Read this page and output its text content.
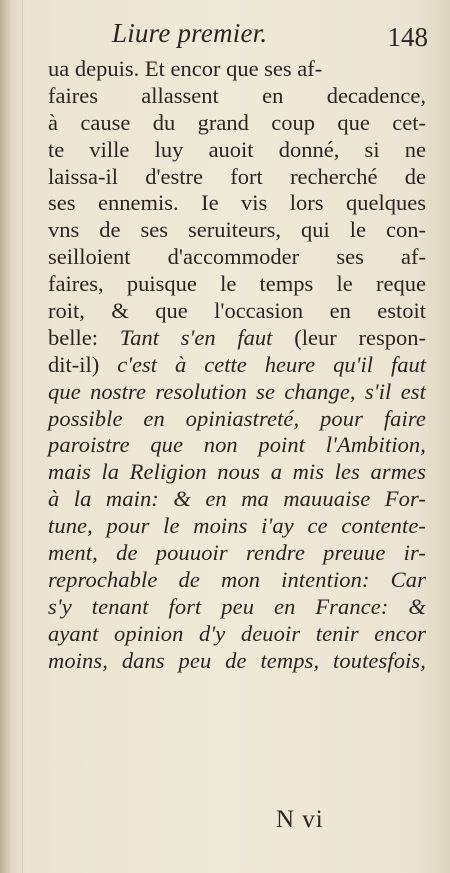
Liure premier.	148
ua depuis. Et encor que ses af-
faires allassent en decadence,
à cause du grand coup que cet-
te ville luy auoit donné, si ne
laissa-il d'estre fort recherché de
ses ennemis. Ie vis lors quelques
vns de ses seruiteurs, qui le con-
seilloient d'accommoder ses af-
faires, puisque le temps le reque
roit, & que l'occasion en estoit
belle: Tant s'en faut (leur respon-
dit-il) c'est à cette heure qu'il faut
que nostre resolution se change, s'il est
possible en opiniastreté, pour faire
paroistre que non point l'Ambition,
mais la Religion nous a mis les armes
à la main: & en ma mauuaise For-
tune, pour le moins i'ay ce contente-
ment, de pouuoir rendre preuue ir-
reprochable de mon intention: Car
s'y tenant fort peu en France: &
ayant opinion d'y deuoir tenir encor
moins, dans peu de temps, toutesfois,
N vi
